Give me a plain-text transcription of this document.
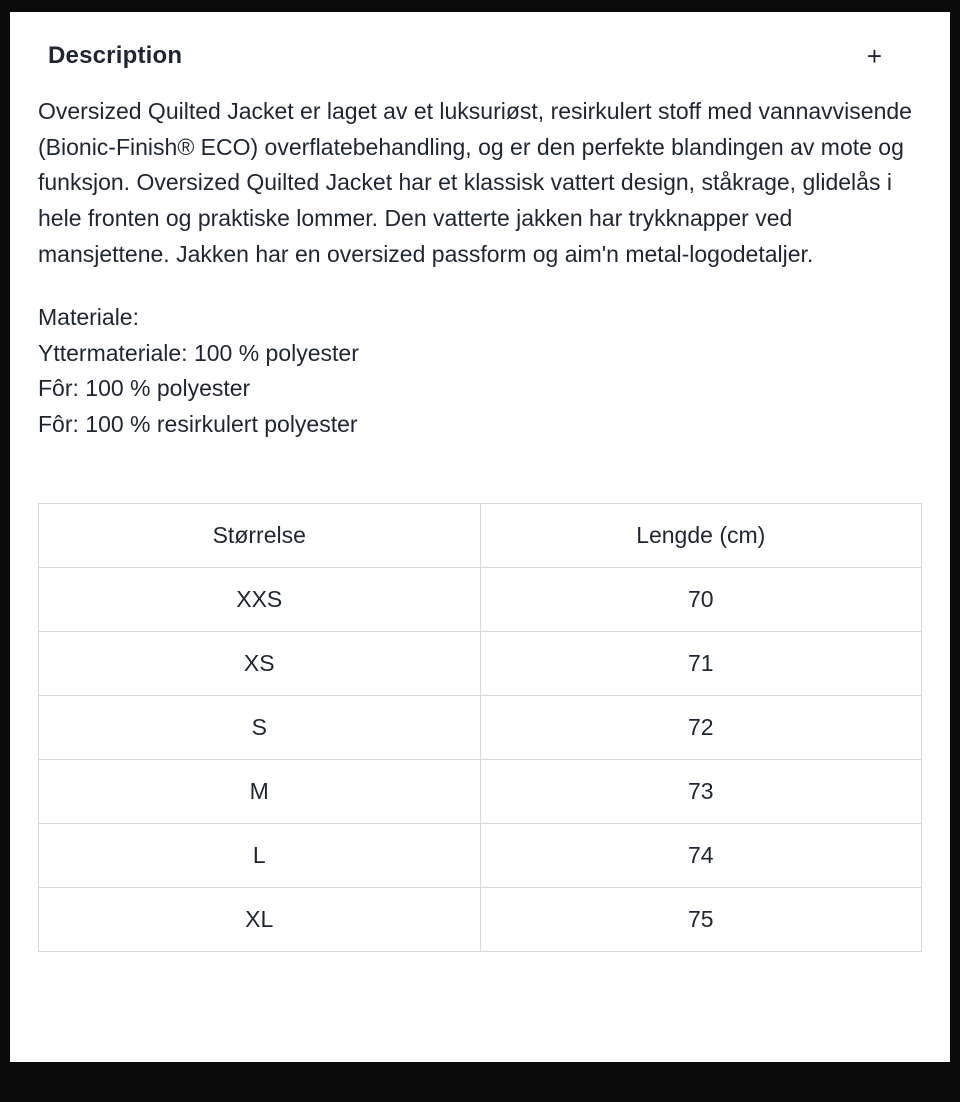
Description	+

Oversized Quilted Jacket er laget av et luksuriøst, resirkulert stoff med vannavvisende (Bionic-Finish® ECO) overflatebehandling, og er den perfekte blandingen av mote og funksjon. Oversized Quilted Jacket har et klassisk vattert design, ståkrage, glidelås i hele fronten og praktiske lommer. Den vatterte jakken har trykknapper ved mansjettene. Jakken har en oversized passform og aim'n metal-logodetaljer.

Materiale:
Yttermateriale: 100 % polyester
Fôr: 100 % polyester
Fôr: 100 % resirkulert polyester
Størrelse	Lengde (cm)
XXS	70
XS	71
S	72
M	73
L	74
XL	75
